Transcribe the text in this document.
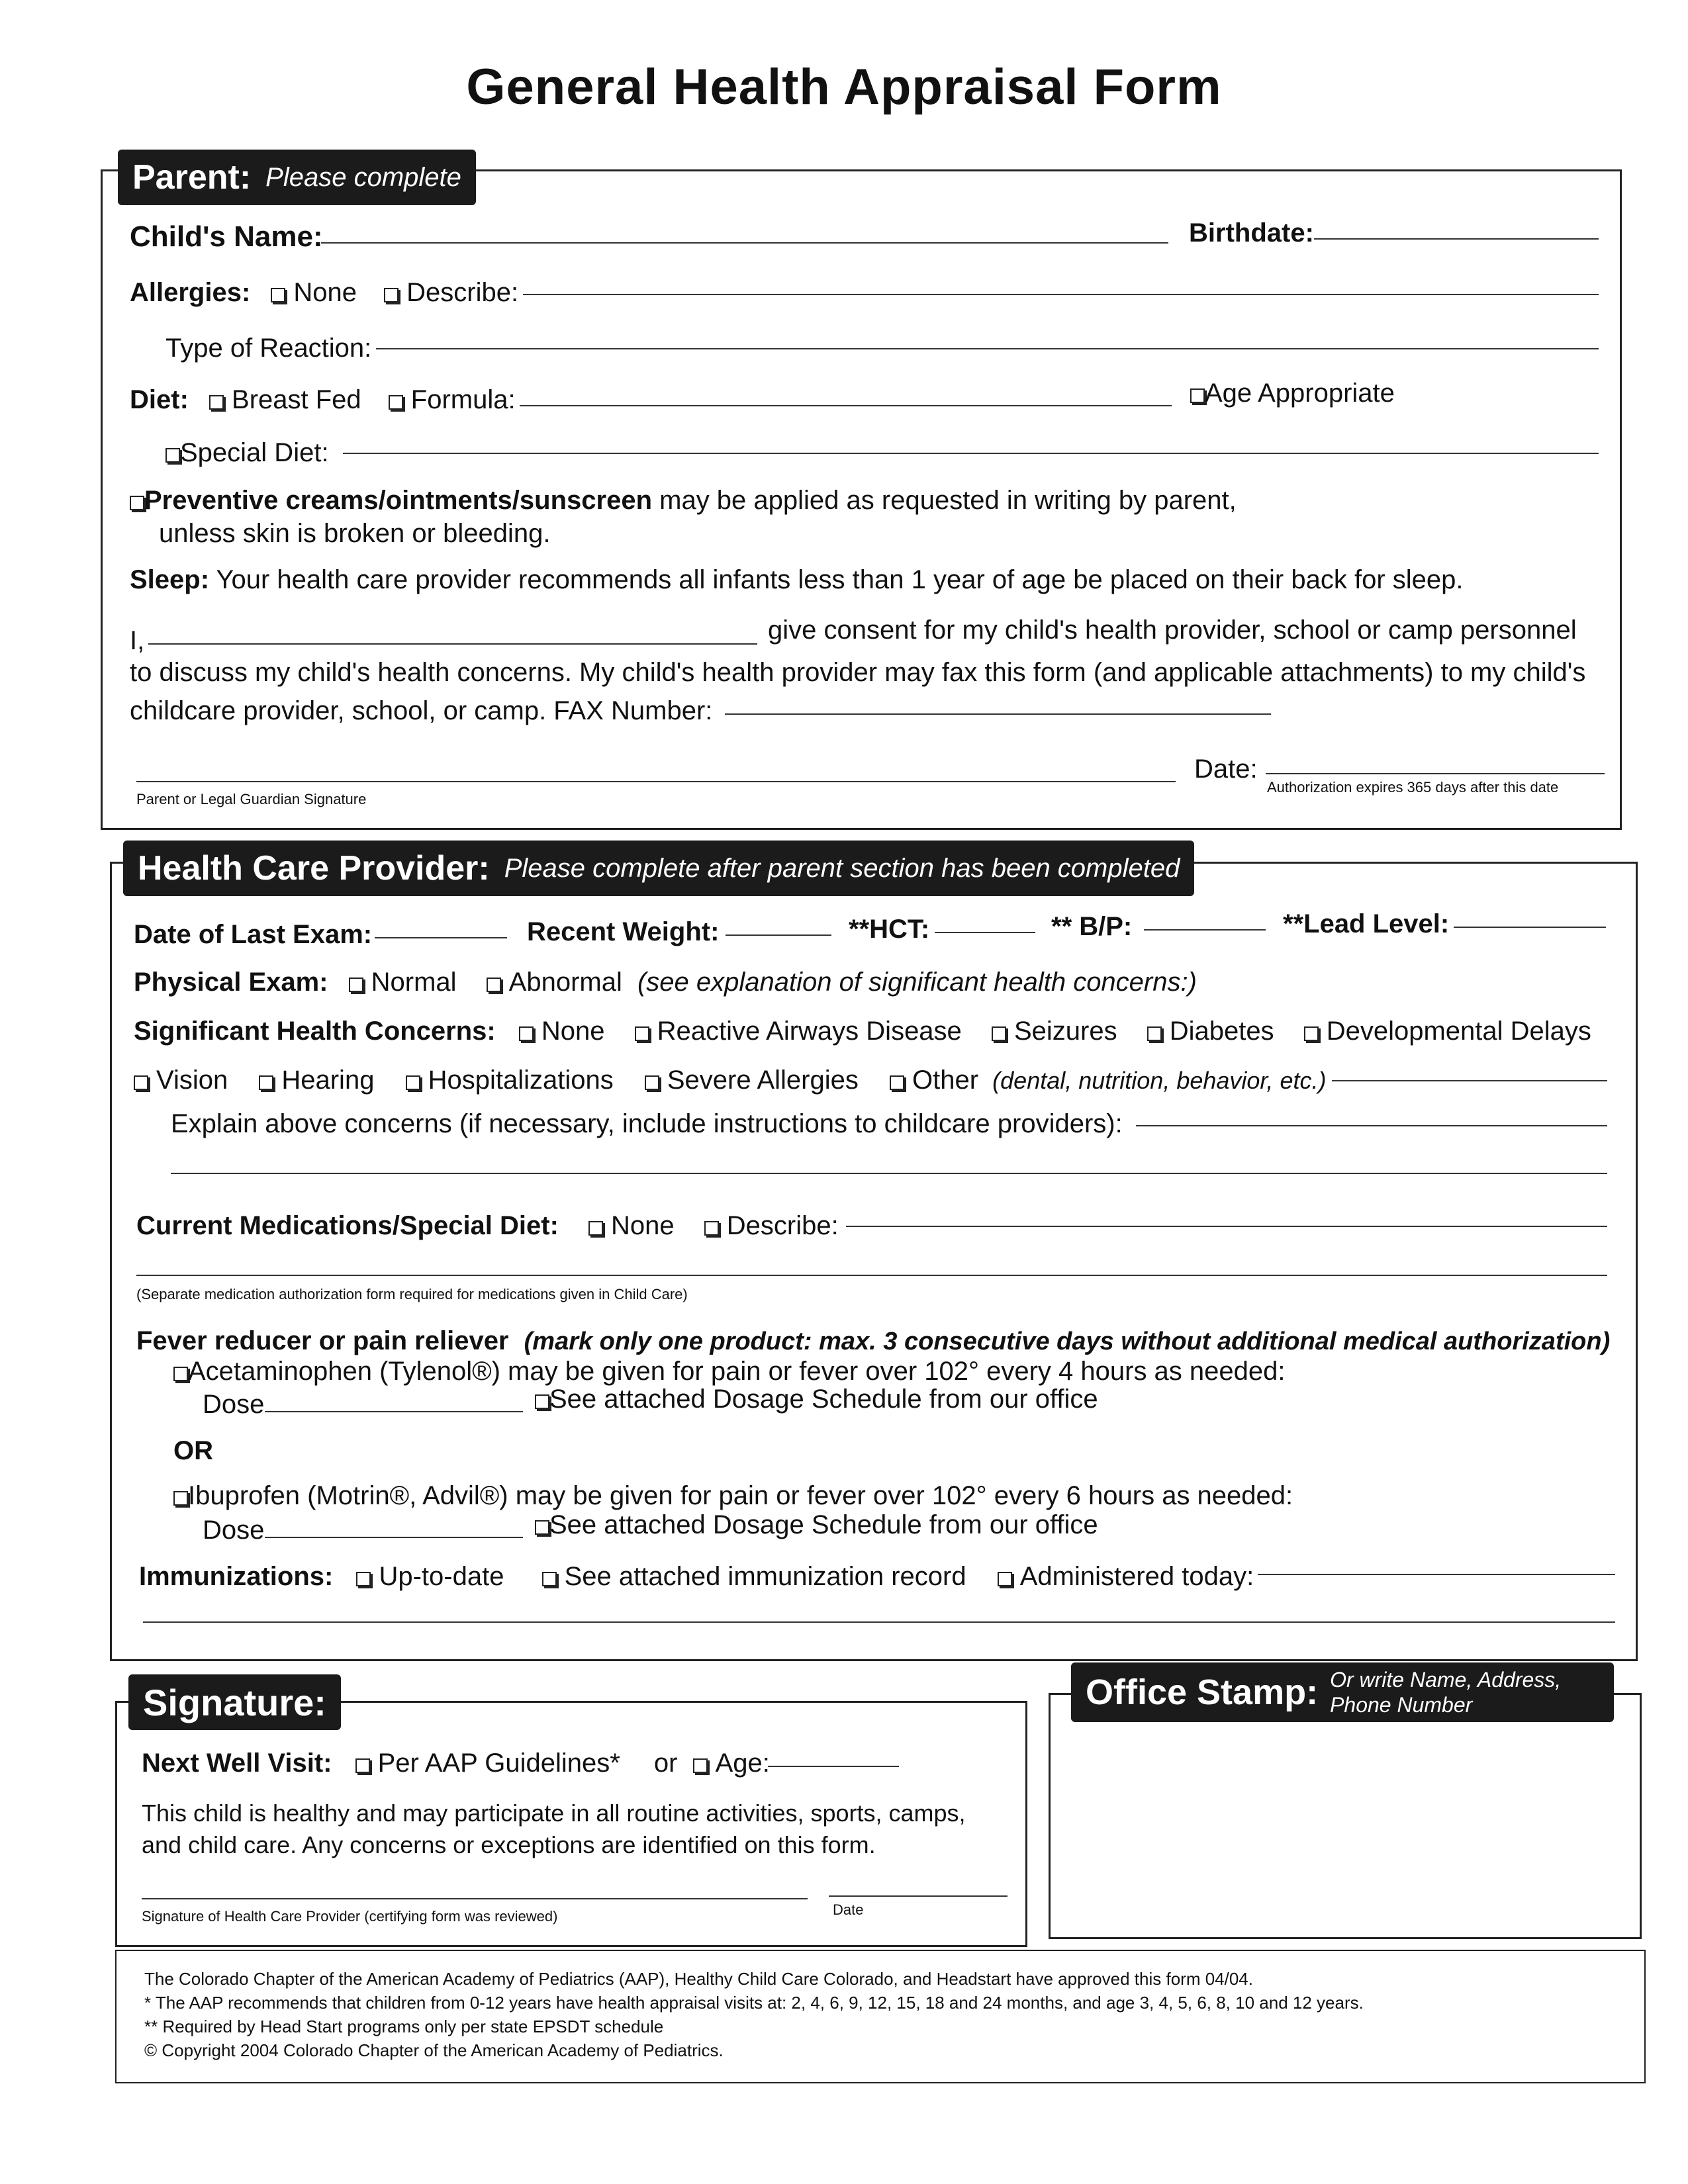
General Health Appraisal Form
Parent: Please complete
Child's Name:	Birthdate:
Allergies: None Describe:
Type of Reaction:
Diet: Breast Fed Formula:	Age Appropriate
Special Diet:
Preventive creams/ointments/sunscreen may be applied as requested in writing by parent,
unless skin is broken or bleeding.
Sleep: Your health care provider recommends all infants less than 1 year of age be placed on their back for sleep.
I,	give consent for my child's health provider, school or camp personnel
to discuss my child's health concerns. My child's health provider may fax this form (and applicable attachments) to my child's
childcare provider, school, or camp. FAX Number:
Parent or Legal Guardian Signature
Date:
Authorization expires 365 days after this date
Health Care Provider: Please complete after parent section has been completed
Date of Last Exam:	Recent Weight:	**HCT:	** B/P:	**Lead Level:
Physical Exam: Normal Abnormal (see explanation of significant health concerns:)
Significant Health Concerns: None Reactive Airways Disease Seizures Diabetes Developmental Delays
Vision Hearing Hospitalizations Severe Allergies Other (dental, nutrition, behavior, etc.)
Explain above concerns (if necessary, include instructions to childcare providers):
Current Medications/Special Diet: None Describe:
(Separate medication authorization form required for medications given in Child Care)
Fever reducer or pain reliever (mark only one product: max. 3 consecutive days without additional medical authorization)
Acetaminophen (Tylenol®) may be given for pain or fever over 102° every 4 hours as needed:
Dose	See attached Dosage Schedule from our office
OR
Ibuprofen (Motrin®, Advil®) may be given for pain or fever over 102° every 6 hours as needed:
Dose	See attached Dosage Schedule from our office
Immunizations: Up-to-date See attached immunization record Administered today:
Signature:
Next Well Visit: Per AAP Guidelines* or Age:
This child is healthy and may participate in all routine activities, sports, camps,
and child care. Any concerns or exceptions are identified on this form.
Signature of Health Care Provider (certifying form was reviewed)	Date
Office Stamp: Or write Name, Address,
Phone Number
The Colorado Chapter of the American Academy of Pediatrics (AAP), Healthy Child Care Colorado, and Headstart have approved this form 04/04.
* The AAP recommends that children from 0-12 years have health appraisal visits at: 2, 4, 6, 9, 12, 15, 18 and 24 months, and age 3, 4, 5, 6, 8, 10 and 12 years.
** Required by Head Start programs only per state EPSDT schedule
© Copyright 2004 Colorado Chapter of the American Academy of Pediatrics.
